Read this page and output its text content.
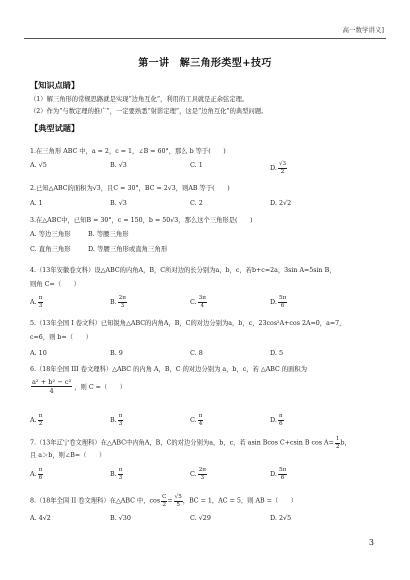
高一数学讲义]
第一讲　解三角形类型+技巧
【知识点睛】
（1）解三角形的常规思路就是实现“边角互化”，利用的工具就是正余弦定理。
（2）作为“与数定理的推广”，一定要熟悉“射影定理”，这是“边角互化”的典型问题。
【典型试题】
1.在三角形 ABC 中，a = 2，c = 1，∠B = 60°，那么 b 等于(　　)
A. √5	B. √3	C. 1	D. $\frac{√3}{2}$
2.已知△ABC的面积为√3，且C = 30°，BC = 2√3，则AB 等于(　　)
A. 1	B. √3	C. 2	D. 2√2
3.在△ABC中，已知B = 30°，c = 150，b = 50√3，那么这个三角形是(　　)
A. 等边三角形	B. 等腰三角形
C. 直角三角形	D. 等腰三角形或直角三角形
4.（13年安徽卷文科）设△ABC的内角A，B，C所对边的长分别为a，b，c，若b+c=2a，3sin A=5sin B，
则角 C=（　　）
A. $\frac{\pi}{3}$	B. $\frac{2\pi}{3}$	C. $\frac{3\pi}{4}$	D. $\frac{5\pi}{6}$
5.（13年全国 I 卷文科）已知锐角△ABC的内角A，B，C的对边分别为a，b，c，23cos²A+cos 2A=0，a=7，
c=6，则 b=（　　）
A. 10	B. 9	C. 8	D. 5
6.（18年全国 III 卷文理科）△ABC 的内角 A，B，C 的对边分别为 a，b，c，若 △ABC 的面积为
$\frac{\text{a² + b² − c²}}{4}$ ，则 C =（　　）
A. $\frac{\pi}{2}$	B. $\frac{\pi}{3}$	C. $\frac{\pi}{4}$	D. $\frac{\pi}{6}$
7.（13年辽宁卷文理科）在△ABC中内角A，B，C的对边分别为a，b，c，若 asin Bcos C+csin B $\cos A= \frac{1}{2}$ b，
且 a＞b，则∠B=（　　）
A. $\frac{\pi}{6}$	B. $\frac{\pi}{3}$	C. $\frac{2\pi}{3}$	D. $\frac{5\pi}{6}$
8.（18年全国 II 卷文理科）在△ABC 中，$\cos \frac{C}{2} = \frac{√5}{5}$ ，BC = 1，AC = 5，则 AB =（　　）
A. 4√2	B. √30	C. √29	D. 2√5
3
